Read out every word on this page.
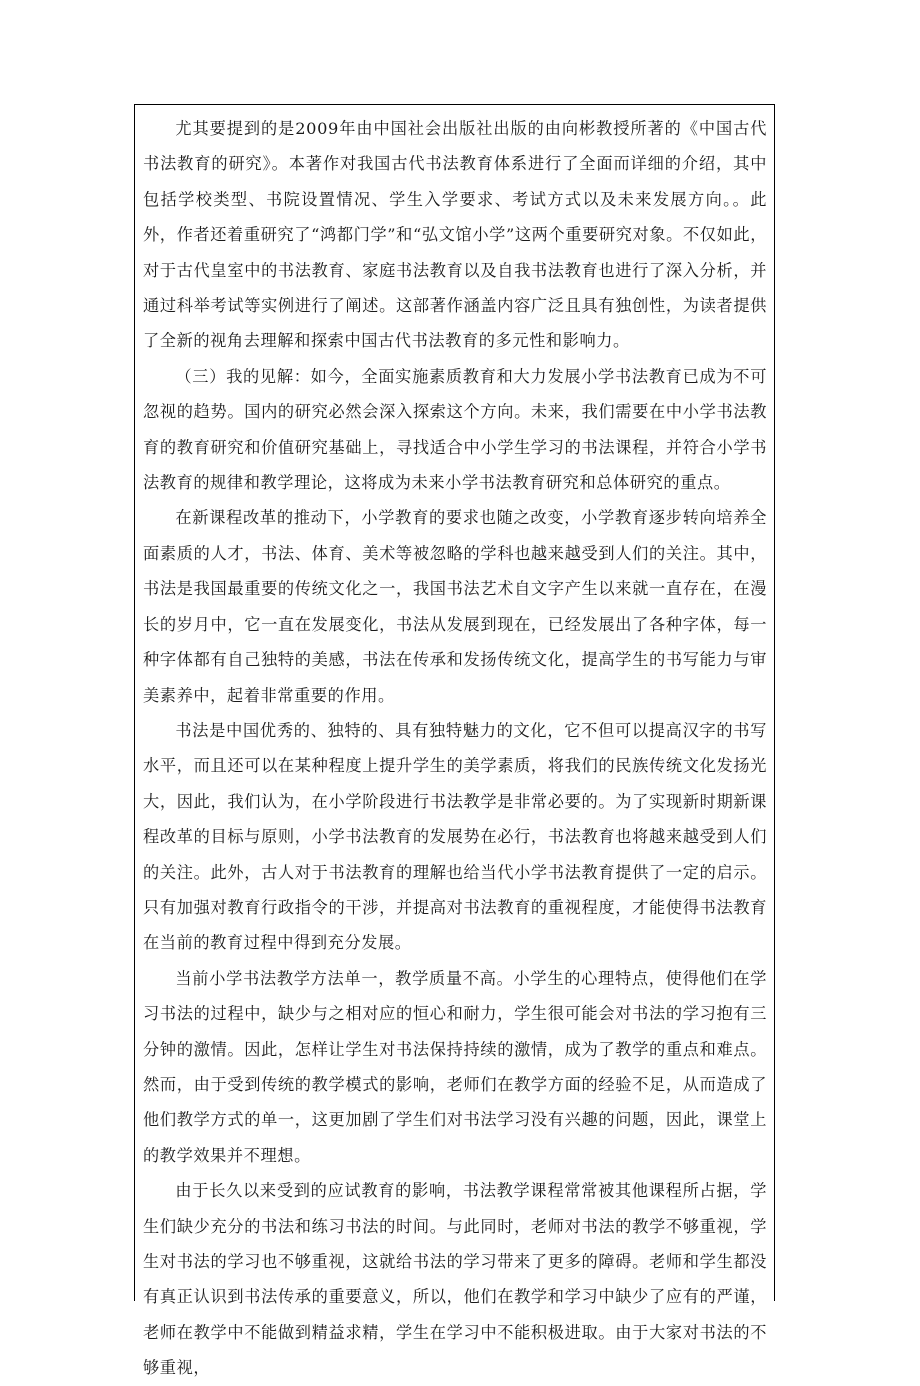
尤其要提到的是2009年由中国社会出版社出版的由向彬教授所著的《中国古代书法教育的研究》。本著作对我国古代书法教育体系进行了全面而详细的介绍，其中包括学校类型、书院设置情况、学生入学要求、考试方式以及未来发展方向。。此外，作者还着重研究了“鸿都门学”和“弘文馆小学”这两个重要研究对象。不仅如此，对于古代皇室中的书法教育、家庭书法教育以及自我书法教育也进行了深入分析，并通过科举考试等实例进行了阐述。这部著作涵盖内容广泛且具有独创性，为读者提供了全新的视角去理解和探索中国古代书法教育的多元性和影响力。

（三）我的见解：如今，全面实施素质教育和大力发展小学书法教育已成为不可忽视的趋势。国内的研究必然会深入探索这个方向。未来，我们需要在中小学书法教育的教育研究和价值研究基础上，寻找适合中小学生学习的书法课程，并符合小学书法教育的规律和教学理论，这将成为未来小学书法教育研究和总体研究的重点。

在新课程改革的推动下，小学教育的要求也随之改变，小学教育逐步转向培养全面素质的人才，书法、体育、美术等被忽略的学科也越来越受到人们的关注。其中，书法是我国最重要的传统文化之一，我国书法艺术自文字产生以来就一直存在，在漫长的岁月中，它一直在发展变化，书法从发展到现在，已经发展出了各种字体，每一种字体都有自己独特的美感，书法在传承和发扬传统文化，提高学生的书写能力与审美素养中，起着非常重要的作用。

书法是中国优秀的、独特的、具有独特魅力的文化，它不但可以提高汉字的书写水平，而且还可以在某种程度上提升学生的美学素质，将我们的民族传统文化发扬光大，因此，我们认为，在小学阶段进行书法教学是非常必要的。为了实现新时期新课程改革的目标与原则，小学书法教育的发展势在必行，书法教育也将越来越受到人们的关注。此外，古人对于书法教育的理解也给当代小学书法教育提供了一定的启示。只有加强对教育行政指令的干涉，并提高对书法教育的重视程度，才能使得书法教育在当前的教育过程中得到充分发展。

当前小学书法教学方法单一，教学质量不高。小学生的心理特点，使得他们在学习书法的过程中，缺少与之相对应的恒心和耐力，学生很可能会对书法的学习抱有三分钟的激情。因此，怎样让学生对书法保持持续的激情，成为了教学的重点和难点。然而，由于受到传统的教学模式的影响，老师们在教学方面的经验不足，从而造成了他们教学方式的单一，这更加剧了学生们对书法学习没有兴趣的问题，因此，课堂上的教学效果并不理想。

由于长久以来受到的应试教育的影响，书法教学课程常常被其他课程所占据，学生们缺少充分的书法和练习书法的时间。与此同时，老师对书法的教学不够重视，学生对书法的学习也不够重视，这就给书法的学习带来了更多的障碍。老师和学生都没有真正认识到书法传承的重要意义，所以，他们在教学和学习中缺少了应有的严谨，老师在教学中不能做到精益求精，学生在学习中不能积极进取。由于大家对书法的不够重视，
